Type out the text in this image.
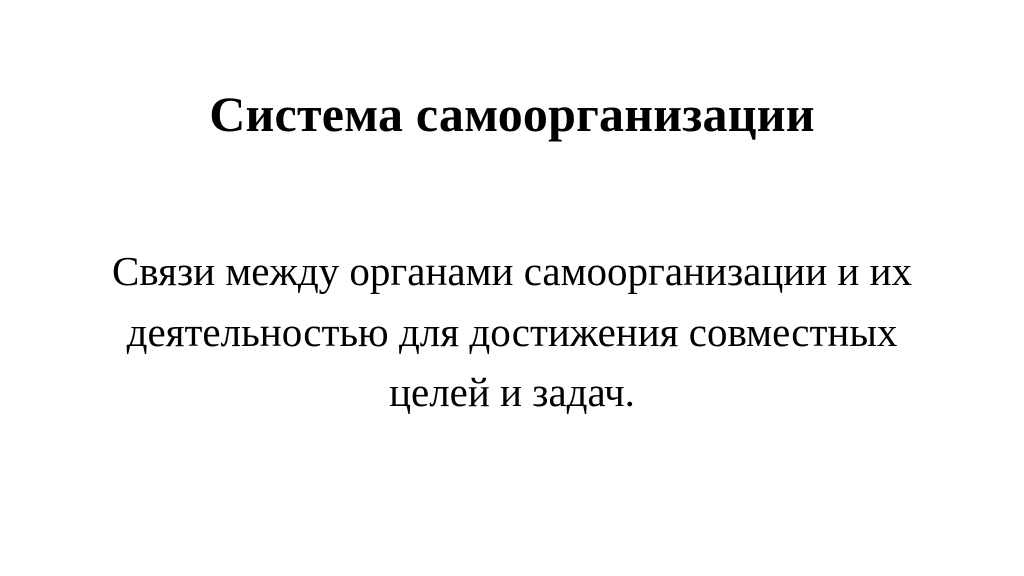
Система самоорганизации

Связи между органами самоорганизации и их деятельностью для достижения совместных целей и задач.
